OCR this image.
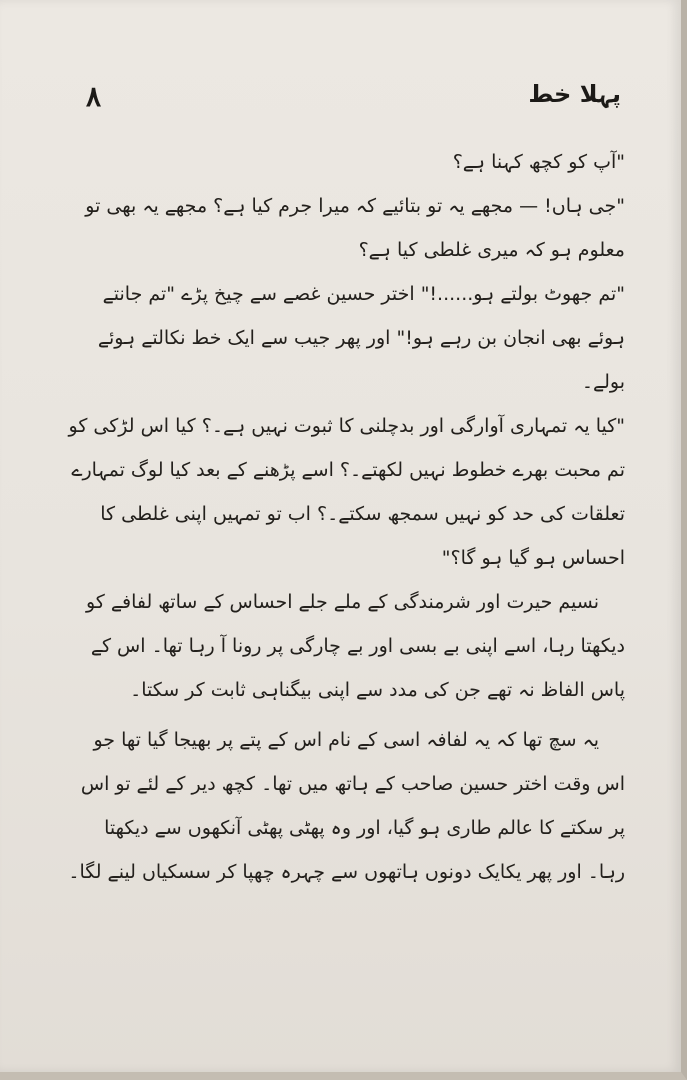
۸	پہلا خط

"آپ کو کچھ کہنا ہے؟

"جی ہاں! — مجھے یہ تو بتائیے کہ میرا جرم کیا ہے؟ مجھے یہ بھی تو معلوم ہو کہ میری غلطی کیا ہے؟

"تم جھوٹ بولتے ہو......!" اختر حسین غصے سے چیخ پڑے "تم جانتے ہوئے بھی انجان بن رہے ہو!" اور پھر جیب سے ایک خط نکالتے ہوئے بولے۔

"کیا یہ تمہاری آوارگی اور بدچلنی کا ثبوت نہیں ہے۔؟ کیا اس لڑکی کو تم محبت بھرے خطوط نہیں لکھتے۔؟ اسے پڑھنے کے بعد کیا لوگ تمہارے تعلقات کی حد کو نہیں سمجھ سکتے۔؟ اب تو تمہیں اپنی غلطی کا احساس ہو گیا ہو گا؟"

نسیم حیرت اور شرمندگی کے ملے جلے احساس کے ساتھ لفافے کو دیکھتا رہا، اسے اپنی بے بسی اور بے چارگی پر رونا آ رہا تھا۔ اس کے پاس الفاظ نہ تھے جن کی مدد سے اپنی بیگناہی ثابت کر سکتا۔

یہ سچ تھا کہ یہ لفافہ اسی کے نام اس کے پتے پر بھیجا گیا تھا جو اس وقت اختر حسین صاحب کے ہاتھ میں تھا۔ کچھ دیر کے لئے تو اس پر سکتے کا عالم طاری ہو گیا، اور وہ پھٹی پھٹی آنکھوں سے دیکھتا رہا۔ اور پھر یکایک دونوں ہاتھوں سے چہرہ چھپا کر سسکیاں لینے لگا۔
